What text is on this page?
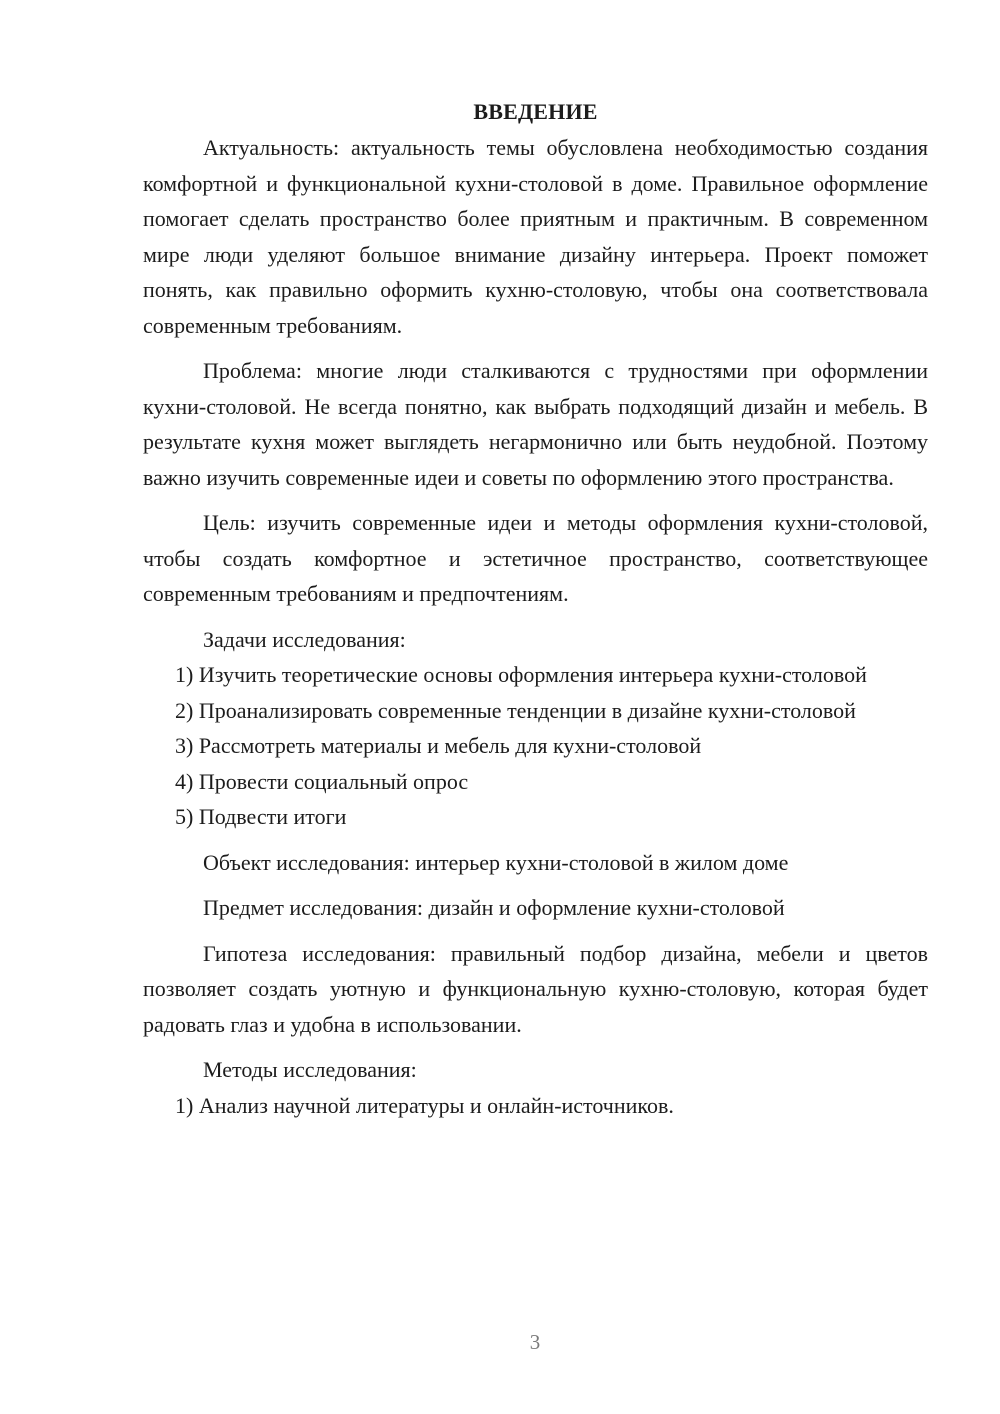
ВВЕДЕНИЕ

Актуальность: актуальность темы обусловлена необходимостью создания комфортной и функциональной кухни-столовой в доме. Правильное оформление помогает сделать пространство более приятным и практичным. В современном мире люди уделяют большое внимание дизайну интерьера. Проект поможет понять, как правильно оформить кухню-столовую, чтобы она соответствовала современным требованиям.

Проблема: многие люди сталкиваются с трудностями при оформлении кухни-столовой. Не всегда понятно, как выбрать подходящий дизайн и мебель. В результате кухня может выглядеть негармонично или быть неудобной. Поэтому важно изучить современные идеи и советы по оформлению этого пространства.

Цель: изучить современные идеи и методы оформления кухни-столовой, чтобы создать комфортное и эстетичное пространство, соответствующее современным требованиям и предпочтениям.

Задачи исследования:

1) Изучить теоретические основы оформления интерьера кухни-столовой

2) Проанализировать современные тенденции в дизайне кухни-столовой

3) Рассмотреть материалы и мебель для кухни-столовой

4) Провести социальный опрос

5) Подвести итоги

Объект исследования: интерьер кухни-столовой в жилом доме

Предмет исследования: дизайн и оформление кухни-столовой

Гипотеза исследования: правильный подбор дизайна, мебели и цветов позволяет создать уютную и функциональную кухню-столовую, которая будет радовать глаз и удобна в использовании.

Методы исследования:

1) Анализ научной литературы и онлайн-источников.

3
